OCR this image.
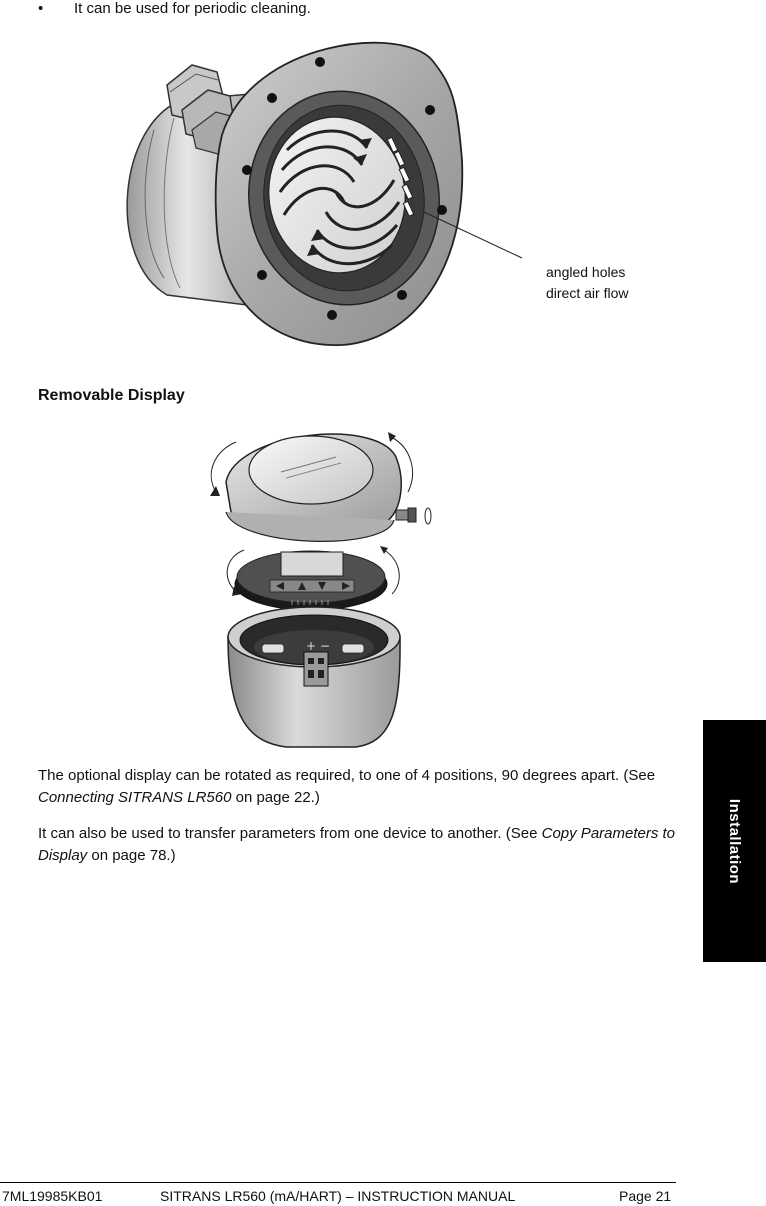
• It can be used for periodic cleaning.
angled holes
direct air flow
Removable Display
+ −

The optional display can be rotated as required, to one of 4 positions, 90 degrees apart. (See Connecting SITRANS LR560 on page 22.)

It can also be used to transfer parameters from one device to another. (See Copy Parameters to Display on page 78.)	Installation
7ML19985KB01	SITRANS LR560 (mA/HART) – INSTRUCTION MANUAL	Page 21
